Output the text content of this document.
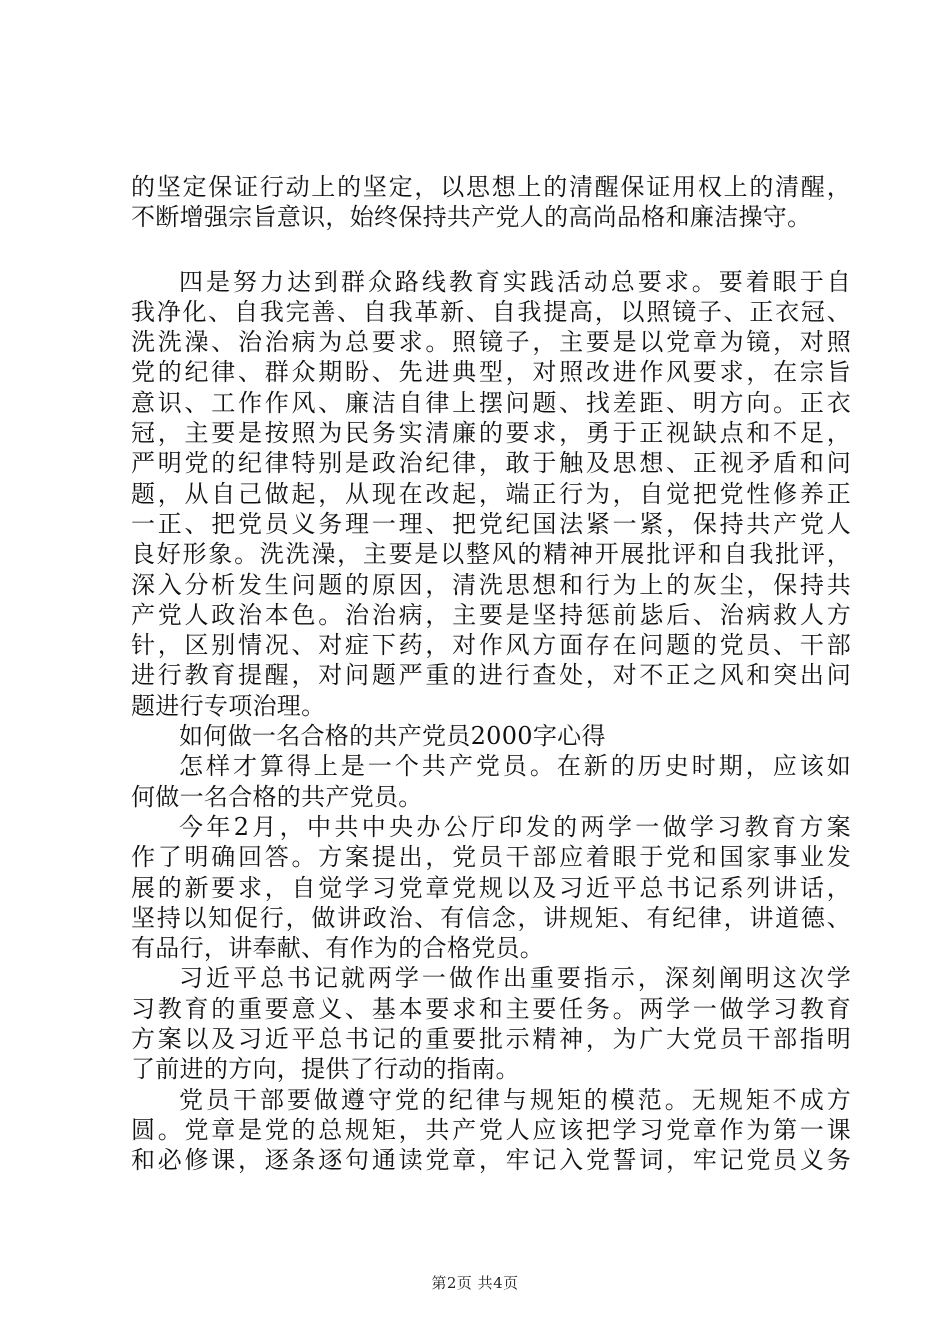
的坚定保证行动上的坚定，以思想上的清醒保证用权上的清醒，
不断增强宗旨意识，始终保持共产党人的高尚品格和廉洁操守。
四是努力达到群众路线教育实践活动总要求。要着眼于自
我净化、自我完善、自我革新、自我提高，以照镜子、正衣冠、
洗洗澡、治治病为总要求。照镜子，主要是以党章为镜，对照
党的纪律、群众期盼、先进典型，对照改进作风要求，在宗旨
意识、工作作风、廉洁自律上摆问题、找差距、明方向。正衣
冠，主要是按照为民务实清廉的要求，勇于正视缺点和不足，
严明党的纪律特别是政治纪律，敢于触及思想、正视矛盾和问
题，从自己做起，从现在改起，端正行为，自觉把党性修养正
一正、把党员义务理一理、把党纪国法紧一紧，保持共产党人
良好形象。洗洗澡，主要是以整风的精神开展批评和自我批评，
深入分析发生问题的原因，清洗思想和行为上的灰尘，保持共
产党人政治本色。治治病，主要是坚持惩前毖后、治病救人方
针，区别情况、对症下药，对作风方面存在问题的党员、干部
进行教育提醒，对问题严重的进行查处，对不正之风和突出问
题进行专项治理。
如何做一名合格的共产党员2000字心得
怎样才算得上是一个共产党员。在新的历史时期，应该如
何做一名合格的共产党员。
今年2月，中共中央办公厅印发的两学一做学习教育方案
作了明确回答。方案提出，党员干部应着眼于党和国家事业发
展的新要求，自觉学习党章党规以及习近平总书记系列讲话，
坚持以知促行，做讲政治、有信念，讲规矩、有纪律，讲道德、
有品行，讲奉献、有作为的合格党员。
习近平总书记就两学一做作出重要指示，深刻阐明这次学
习教育的重要意义、基本要求和主要任务。两学一做学习教育
方案以及习近平总书记的重要批示精神，为广大党员干部指明
了前进的方向，提供了行动的指南。
党员干部要做遵守党的纪律与规矩的模范。无规矩不成方
圆。党章是党的总规矩，共产党人应该把学习党章作为第一课
和必修课，逐条逐句通读党章，牢记入党誓词，牢记党员义务
第2页 共4页
